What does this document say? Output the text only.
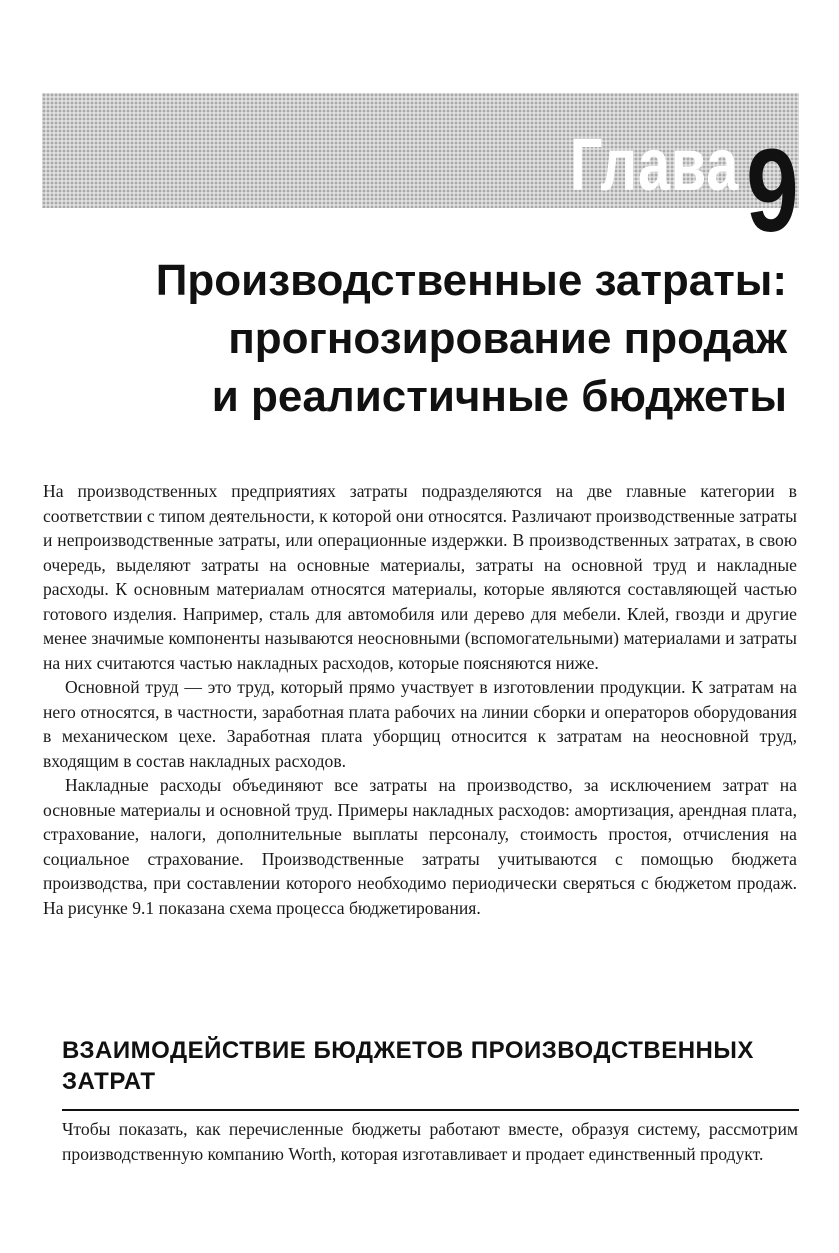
Глава 9
Производственные затраты:
прогнозирование продаж
и реалистичные бюджеты

На производственных предприятиях затраты подразделяются на две главные категории в соответствии с типом деятельности, к которой они относятся. Различают производственные затраты и непроизводственные затраты, или операционные издержки. В производственных затратах, в свою очередь, выделяют затраты на основные материалы, затраты на основной труд и накладные расходы. К основным материалам относятся материалы, которые являются составляющей частью готового изделия. Например, сталь для автомобиля или дерево для мебели. Клей, гвозди и другие менее значимые компоненты называются неосновными (вспомогательными) материалами и затраты на них считаются частью накладных расходов, которые поясняются ниже.

Основной труд — это труд, который прямо участвует в изготовлении продукции. К затратам на него относятся, в частности, заработная плата рабочих на линии сборки и операторов оборудования в механическом цехе. Заработная плата уборщиц относится к затратам на неосновной труд, входящим в состав накладных расходов.

Накладные расходы объединяют все затраты на производство, за исключением затрат на основные материалы и основной труд. Примеры накладных расходов: амортизация, арендная плата, страхование, налоги, дополнительные выплаты персоналу, стоимость простоя, отчисления на социальное страхование. Производственные затраты учитываются с помощью бюджета производства, при составлении которого необходимо периодически сверяться с бюджетом продаж. На рисунке 9.1 показана схема процесса бюджетирования.

ВЗАИМОДЕЙСТВИЕ БЮДЖЕТОВ ПРОИЗВОДСТВЕННЫХ
ЗАТРАТ

Чтобы показать, как перечисленные бюджеты работают вместе, образуя систему, рассмотрим производственную компанию Worth, которая изготавливает и продает единственный продукт.
